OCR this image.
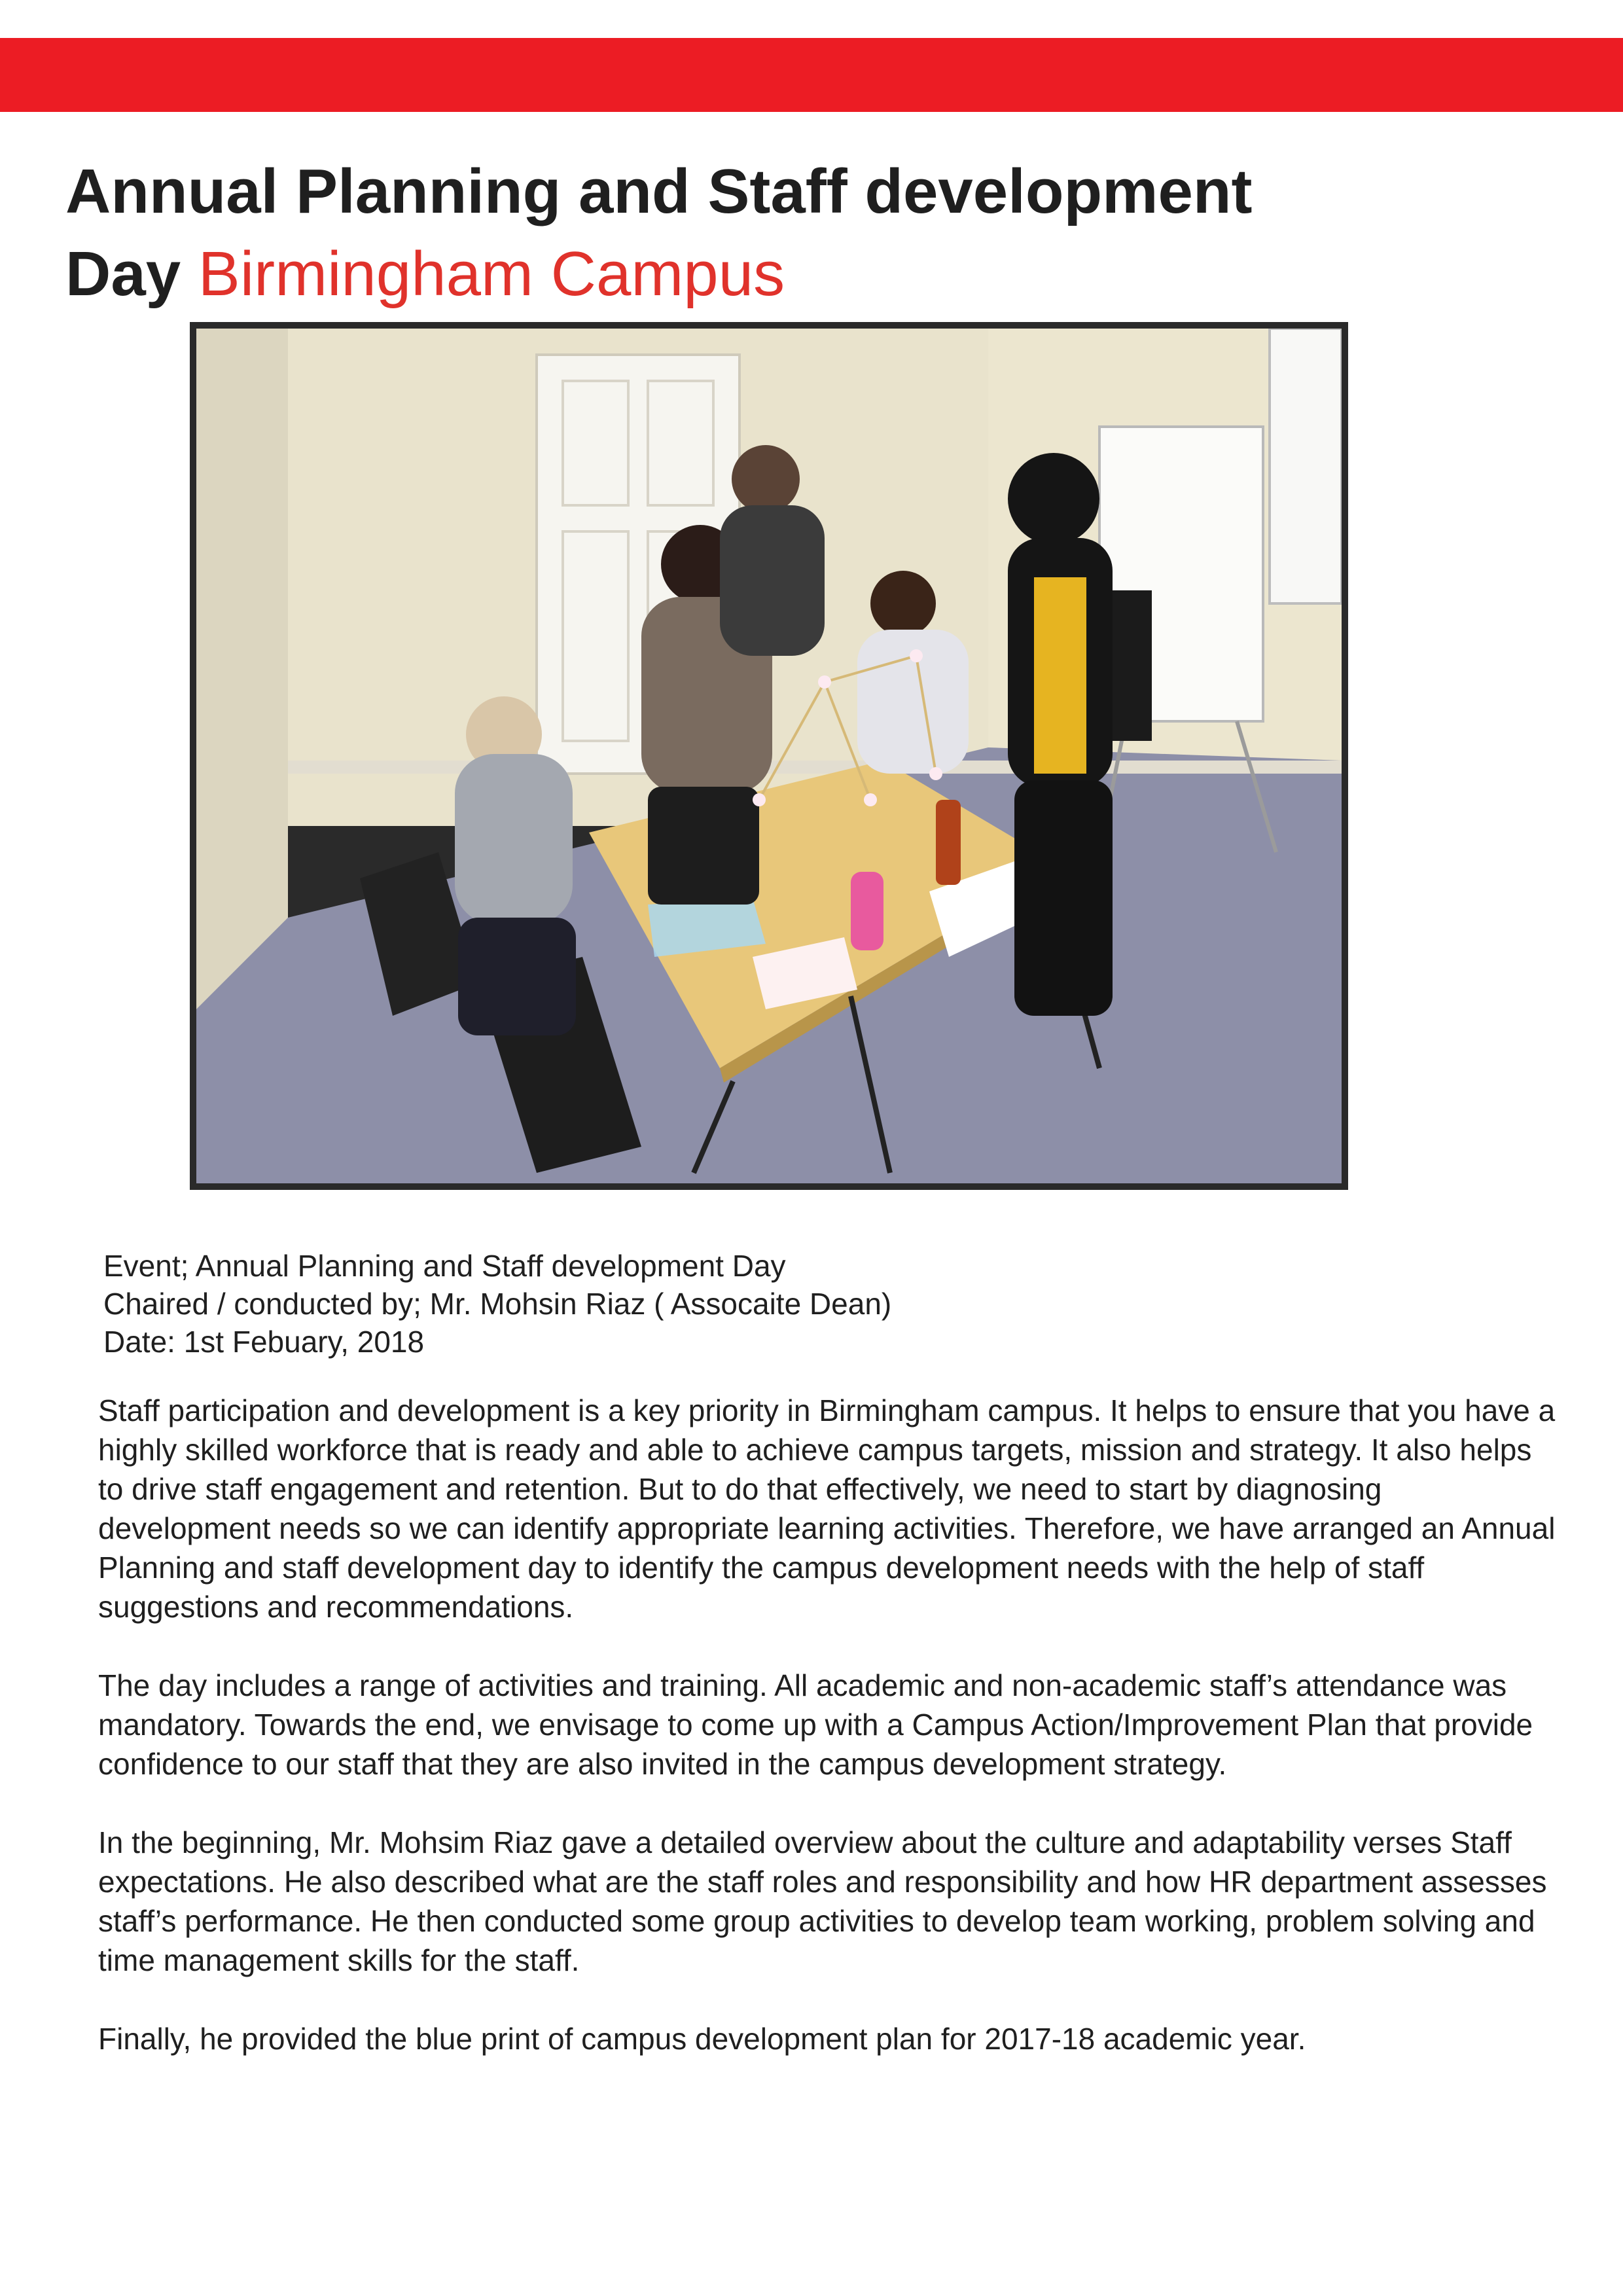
Annual Planning and Staff development
Day Birmingham Campus
Event; Annual Planning and Staff development Day
Chaired / conducted by; Mr. Mohsin Riaz ( Assocaite Dean)
Date: 1st Febuary, 2018

Staff participation and development is a key priority in Birmingham campus. It helps to ensure that you have a highly skilled workforce that is ready and able to achieve campus targets, mission and strategy. It also helps to drive staff engagement and retention. But to do that effectively, we need to start by diagnosing development needs so we can identify appropriate learning activities. Therefore, we have arranged an Annual Planning and staff development day to identify the campus development needs with the help of staff suggestions and recommendations.

The day includes a range of activities and training. All academic and non-academic staff’s attendance was mandatory. Towards the end, we envisage to come up with a Campus Action/Improvement Plan that provide confidence to our staff that they are also invited in the campus development strategy.

In the beginning, Mr. Mohsim Riaz gave a detailed overview about the culture and adaptability verses Staff expectations. He also described what are the staff roles and responsibility and how HR department assesses staff’s performance. He then conducted some group activities to develop team working, problem solving and time management skills for the staff.

Finally, he provided the blue print of campus development plan for 2017-18 academic year.
